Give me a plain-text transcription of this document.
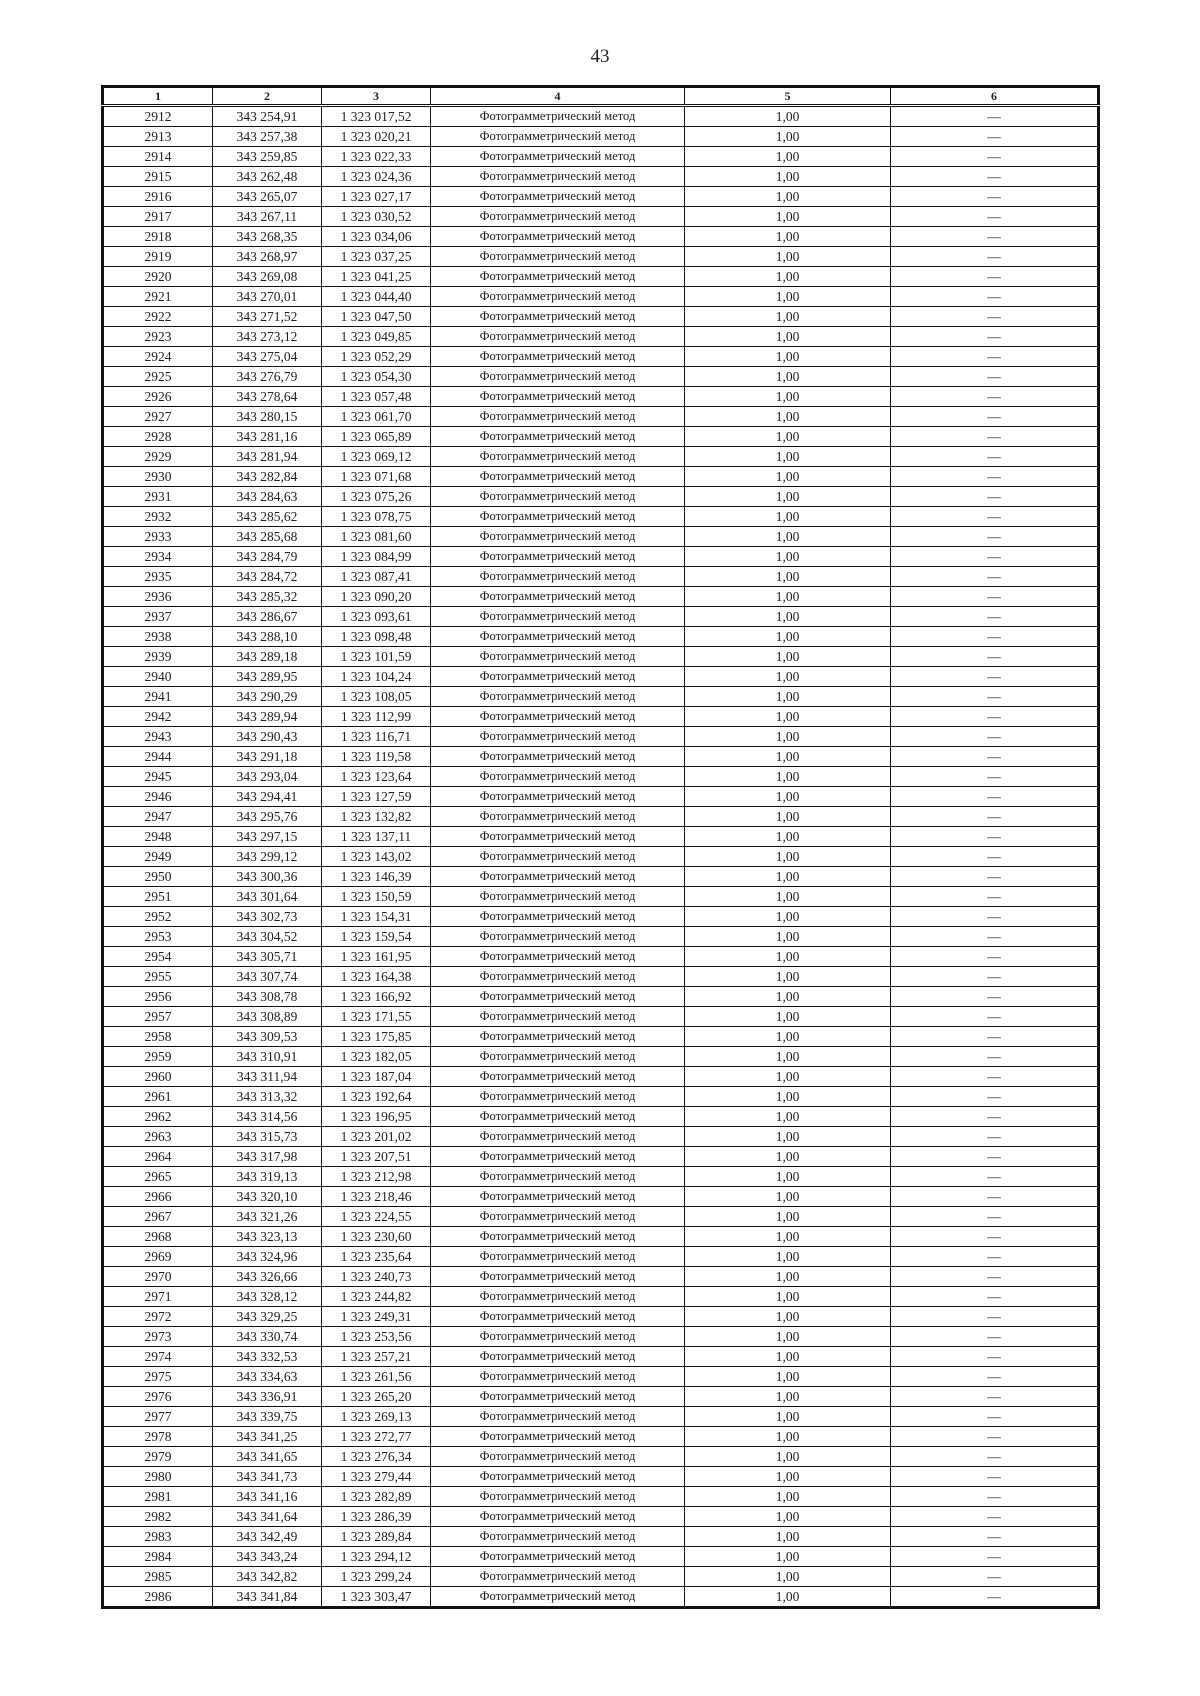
43
1	2	3	4	5	6
2912	343 254,91	1 323 017,52	Фотограмметрический метод	1,00	—
2913	343 257,38	1 323 020,21	Фотограмметрический метод	1,00	—
2914	343 259,85	1 323 022,33	Фотограмметрический метод	1,00	—
2915	343 262,48	1 323 024,36	Фотограмметрический метод	1,00	—
2916	343 265,07	1 323 027,17	Фотограмметрический метод	1,00	—
2917	343 267,11	1 323 030,52	Фотограмметрический метод	1,00	—
2918	343 268,35	1 323 034,06	Фотограмметрический метод	1,00	—
2919	343 268,97	1 323 037,25	Фотограмметрический метод	1,00	—
2920	343 269,08	1 323 041,25	Фотограмметрический метод	1,00	—
2921	343 270,01	1 323 044,40	Фотограмметрический метод	1,00	—
2922	343 271,52	1 323 047,50	Фотограмметрический метод	1,00	—
2923	343 273,12	1 323 049,85	Фотограмметрический метод	1,00	—
2924	343 275,04	1 323 052,29	Фотограмметрический метод	1,00	—
2925	343 276,79	1 323 054,30	Фотограмметрический метод	1,00	—
2926	343 278,64	1 323 057,48	Фотограмметрический метод	1,00	—
2927	343 280,15	1 323 061,70	Фотограмметрический метод	1,00	—
2928	343 281,16	1 323 065,89	Фотограмметрический метод	1,00	—
2929	343 281,94	1 323 069,12	Фотограмметрический метод	1,00	—
2930	343 282,84	1 323 071,68	Фотограмметрический метод	1,00	—
2931	343 284,63	1 323 075,26	Фотограмметрический метод	1,00	—
2932	343 285,62	1 323 078,75	Фотограмметрический метод	1,00	—
2933	343 285,68	1 323 081,60	Фотограмметрический метод	1,00	—
2934	343 284,79	1 323 084,99	Фотограмметрический метод	1,00	—
2935	343 284,72	1 323 087,41	Фотограмметрический метод	1,00	—
2936	343 285,32	1 323 090,20	Фотограмметрический метод	1,00	—
2937	343 286,67	1 323 093,61	Фотограмметрический метод	1,00	—
2938	343 288,10	1 323 098,48	Фотограмметрический метод	1,00	—
2939	343 289,18	1 323 101,59	Фотограмметрический метод	1,00	—
2940	343 289,95	1 323 104,24	Фотограмметрический метод	1,00	—
2941	343 290,29	1 323 108,05	Фотограмметрический метод	1,00	—
2942	343 289,94	1 323 112,99	Фотограмметрический метод	1,00	—
2943	343 290,43	1 323 116,71	Фотограмметрический метод	1,00	—
2944	343 291,18	1 323 119,58	Фотограмметрический метод	1,00	—
2945	343 293,04	1 323 123,64	Фотограмметрический метод	1,00	—
2946	343 294,41	1 323 127,59	Фотограмметрический метод	1,00	—
2947	343 295,76	1 323 132,82	Фотограмметрический метод	1,00	—
2948	343 297,15	1 323 137,11	Фотограмметрический метод	1,00	—
2949	343 299,12	1 323 143,02	Фотограмметрический метод	1,00	—
2950	343 300,36	1 323 146,39	Фотограмметрический метод	1,00	—
2951	343 301,64	1 323 150,59	Фотограмметрический метод	1,00	—
2952	343 302,73	1 323 154,31	Фотограмметрический метод	1,00	—
2953	343 304,52	1 323 159,54	Фотограмметрический метод	1,00	—
2954	343 305,71	1 323 161,95	Фотограмметрический метод	1,00	—
2955	343 307,74	1 323 164,38	Фотограмметрический метод	1,00	—
2956	343 308,78	1 323 166,92	Фотограмметрический метод	1,00	—
2957	343 308,89	1 323 171,55	Фотограмметрический метод	1,00	—
2958	343 309,53	1 323 175,85	Фотограмметрический метод	1,00	—
2959	343 310,91	1 323 182,05	Фотограмметрический метод	1,00	—
2960	343 311,94	1 323 187,04	Фотограмметрический метод	1,00	—
2961	343 313,32	1 323 192,64	Фотограмметрический метод	1,00	—
2962	343 314,56	1 323 196,95	Фотограмметрический метод	1,00	—
2963	343 315,73	1 323 201,02	Фотограмметрический метод	1,00	—
2964	343 317,98	1 323 207,51	Фотограмметрический метод	1,00	—
2965	343 319,13	1 323 212,98	Фотограмметрический метод	1,00	—
2966	343 320,10	1 323 218,46	Фотограмметрический метод	1,00	—
2967	343 321,26	1 323 224,55	Фотограмметрический метод	1,00	—
2968	343 323,13	1 323 230,60	Фотограмметрический метод	1,00	—
2969	343 324,96	1 323 235,64	Фотограмметрический метод	1,00	—
2970	343 326,66	1 323 240,73	Фотограмметрический метод	1,00	—
2971	343 328,12	1 323 244,82	Фотограмметрический метод	1,00	—
2972	343 329,25	1 323 249,31	Фотограмметрический метод	1,00	—
2973	343 330,74	1 323 253,56	Фотограмметрический метод	1,00	—
2974	343 332,53	1 323 257,21	Фотограмметрический метод	1,00	—
2975	343 334,63	1 323 261,56	Фотограмметрический метод	1,00	—
2976	343 336,91	1 323 265,20	Фотограмметрический метод	1,00	—
2977	343 339,75	1 323 269,13	Фотограмметрический метод	1,00	—
2978	343 341,25	1 323 272,77	Фотограмметрический метод	1,00	—
2979	343 341,65	1 323 276,34	Фотограмметрический метод	1,00	—
2980	343 341,73	1 323 279,44	Фотограмметрический метод	1,00	—
2981	343 341,16	1 323 282,89	Фотограмметрический метод	1,00	—
2982	343 341,64	1 323 286,39	Фотограмметрический метод	1,00	—
2983	343 342,49	1 323 289,84	Фотограмметрический метод	1,00	—
2984	343 343,24	1 323 294,12	Фотограмметрический метод	1,00	—
2985	343 342,82	1 323 299,24	Фотограмметрический метод	1,00	—
2986	343 341,84	1 323 303,47	Фотограмметрический метод	1,00	—
